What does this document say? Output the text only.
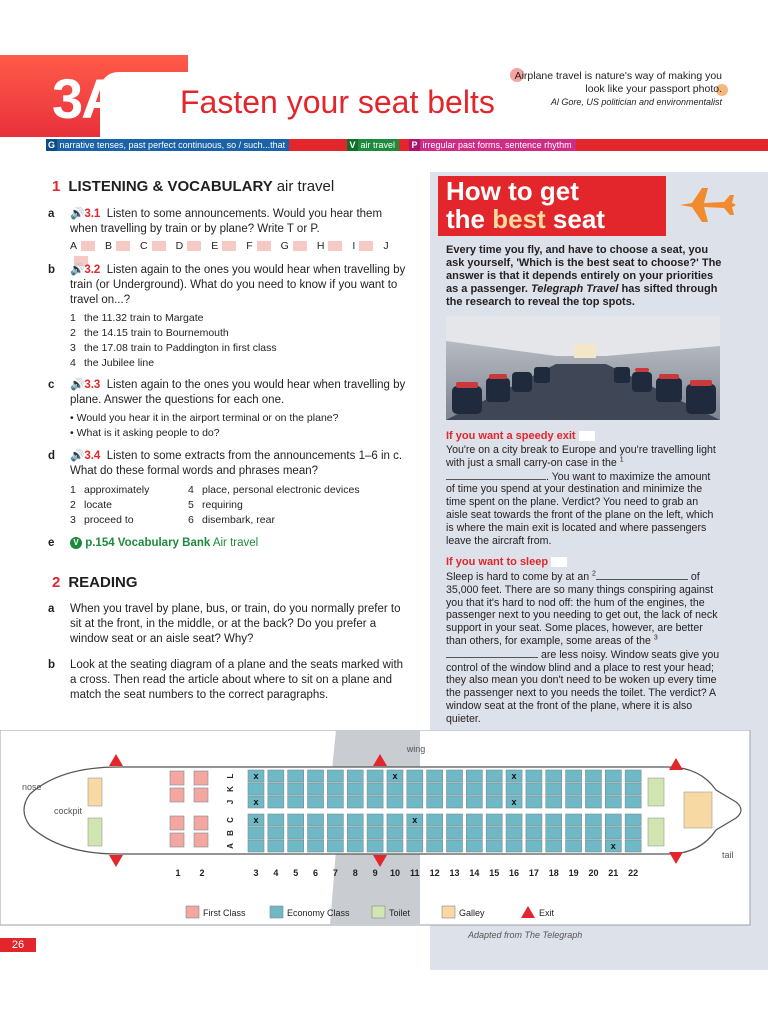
3A Fasten your seat belts
Airplane travel is nature's way of making you look like your passport photo.
Al Gore, US politician and environmentalist
G narrative tenses, past perfect continuous, so / such...that	V air travel	P irregular past forms, sentence rhythm
1 LISTENING & VOCABULARY air travel
a 🔊3.1 Listen to some announcements. Would you hear them when travelling by train or by plane? Write T or P.
A	B	C	D	E	F	G	H	I	J
b 🔊3.2 Listen again to the ones you would hear when travelling by train (or Underground). What do you need to know if you want to travel on...?
1 the 11.32 train to Margate
2 the 14.15 train to Bournemouth
3 the 17.08 train to Paddington in first class
4 the Jubilee line
c 🔊3.3 Listen again to the ones you would hear when travelling by plane. Answer the questions for each one.
• Would you hear it in the airport terminal or on the plane?
• What is it asking people to do?
d 🔊3.4 Listen to some extracts from the announcements 1–6 in c. What do these formal words and phrases mean?
1 approximately
2 locate
3 proceed to
4 place, personal electronic devices
5 requiring
6 disembark, rear
e	V p.154 Vocabulary Bank Air travel
2 READING
a When you travel by plane, bus, or train, do you normally prefer to sit at the front, in the middle, or at the back? Do you prefer a window seat or an aisle seat? Why?
b Look at the seating diagram of a plane and the seats marked with a cross. Then read the article about where to sit on a plane and match the seat numbers to the correct paragraphs.
How to get
the best seat
Every time you fly, and have to choose a seat, you ask yourself, 'Which is the best seat to choose?' The answer is that it depends entirely on your priorities as a passenger. Telegraph Travel has sifted through the research to reveal the top spots.
If you want a speedy exit
You're on a city break to Europe and you're travelling light with just a small carry-on case in the $^1$. You want to maximize the amount of time you spend at your destination and minimize the time spent on the plane. Verdict? You need to grab an aisle seat towards the front of the plane on the left, which is where the main exit is located and where passengers leave the aircraft from.
If you want to sleep
Sleep is hard to come by at an $^2$	of 35,000 feet. There are so many things conspiring against you that it's hard to nod off: the hum of the engines, the passenger next to you needing to get out, the lack of neck support in your seat. Some places, however, are better than others, for example, some areas of the $^3$ are less noisy. Window seats give you control of the window blind and a place to rest your head; they also mean you don't need to be woken up every time the passenger next to you needs the toilet. The verdict? A window seat at the front of the plane, where it is also quieter.
Adapted from The Telegraph
wing
nose
cockpit
tail
x
x
x
x
x
x
x
x
L
K
J
C
B
A
1 2	3 4 5 6 7 8 9 10 11 12 13 14 15 16 17 18 19 20 21 22
First Class	Economy Class	Toilet	Galley	Exit
26
